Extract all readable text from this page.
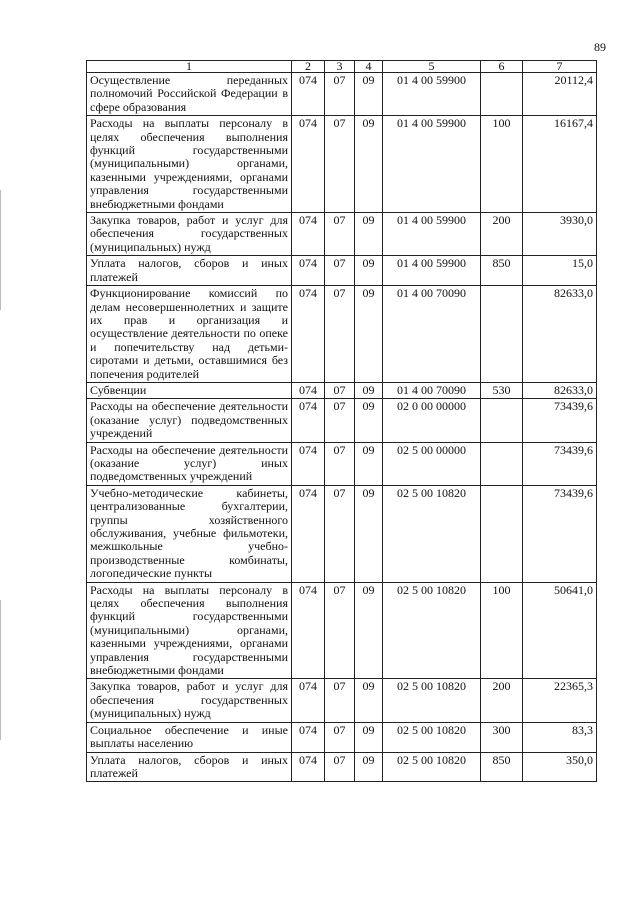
89
1	2	3	4	5	6	7
Осуществление переданных полномочий Российской Федерации в сфере образования	074	07	09	01 4 00 59900		20112,4
Расходы на выплаты персоналу в целях обеспечения выполнения функций государственными (муниципальными) органами, казенными учреждениями, органами управления государственными внебюджетными фондами	074	07	09	01 4 00 59900	100	16167,4
Закупка товаров, работ и услуг для обеспечения государственных (муниципальных) нужд	074	07	09	01 4 00 59900	200	3930,0
Уплата налогов, сборов и иных платежей	074	07	09	01 4 00 59900	850	15,0
Функционирование комиссий по делам несовершеннолетних и защите их прав и организация и осуществление деятельности по опеке и попечительству над детьми-сиротами и детьми, оставшимися без попечения родителей	074	07	09	01 4 00 70090		82633,0
Субвенции	074	07	09	01 4 00 70090	530	82633,0
Расходы на обеспечение деятельности (оказание услуг) подведомственных учреждений	074	07	09	02 0 00 00000		73439,6
Расходы на обеспечение деятельности (оказание услуг) иных подведомственных учреждений	074	07	09	02 5 00 00000		73439,6
Учебно-методические кабинеты, централизованные бухгалтерии, группы хозяйственного обслуживания, учебные фильмотеки, межшкольные учебно-производственные комбинаты, логопедические пункты	074	07	09	02 5 00 10820		73439,6
Расходы на выплаты персоналу в целях обеспечения выполнения функций государственными (муниципальными) органами, казенными учреждениями, органами управления государственными внебюджетными фондами	074	07	09	02 5 00 10820	100	50641,0
Закупка товаров, работ и услуг для обеспечения государственных (муниципальных) нужд	074	07	09	02 5 00 10820	200	22365,3
Социальное обеспечение и иные выплаты населению	074	07	09	02 5 00 10820	300	83,3
Уплата налогов, сборов и иных платежей	074	07	09	02 5 00 10820	850	350,0
